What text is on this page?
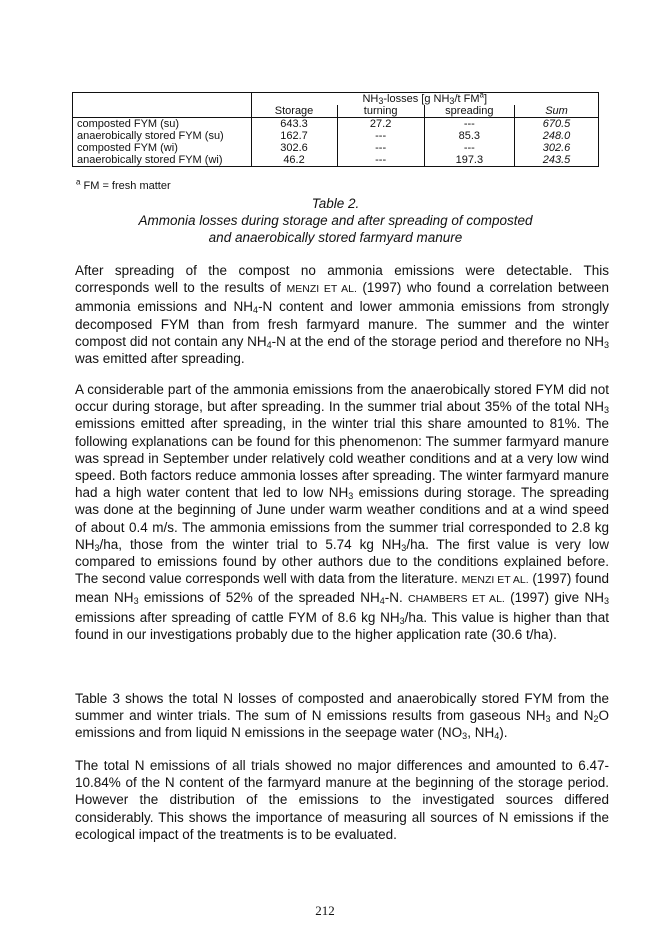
	$NH_3$-losses [g $NH_3/t$ $FM^a$]			
	Storage	turning	spreading	Sum
composted FYM (su)	643.3	27.2	---	670.5
anaerobically stored FYM (su)	162.7	---	85.3	248.0
composted FYM (wi)	302.6	---	---	302.6
anaerobically stored FYM (wi)	46.2	---	197.3	243.5
$^a$ FM = fresh matter
Table 2.
Ammonia losses during storage and after spreading of composted
and anaerobically stored farmyard manure

After spreading of the compost no ammonia emissions were detectable. This corresponds well to the results of MENZI ET AL. (1997) who found a correlation between ammonia emissions and $NH_4-N$ content and lower ammonia emissions from strongly decomposed FYM than from fresh farmyard manure. The summer and the winter compost did not contain any $NH_4-N$ at the end of the storage period and therefore no $NH_3$ was emitted after spreading.

A considerable part of the ammonia emissions from the anaerobically stored FYM did not occur during storage, but after spreading. In the summer trial about 35% of the total $NH_3$ emissions emitted after spreading, in the winter trial this share amounted to 81%. The following explanations can be found for this phenomenon: The summer farmyard manure was spread in September under relatively cold weather conditions and at a very low wind speed. Both factors reduce ammonia losses after spreading. The winter farmyard manure had a high water content that led to low $NH_3$ emissions during storage. The spreading was done at the beginning of June under warm weather conditions and at a wind speed of about 0.4 m/s. The ammonia emissions from the summer trial corresponded to 2.8 kg $NH_3/ha$, those from the winter trial to 5.74 kg $NH_3/ha$. The first value is very low compared to emissions found by other authors due to the conditions explained before. The second value corresponds well with data from the literature. MENZI ET AL. (1997) found mean $NH_3$ emissions of 52% of the spreaded $NH_4-N$. CHAMBERS ET AL. (1997) give $NH_3$ emissions after spreading of cattle FYM of 8.6 kg $NH_3/ha$. This value is higher than that found in our investigations probably due to the higher application rate (30.6 t/ha).

Table 3 shows the total N losses of composted and anaerobically stored FYM from the summer and winter trials. The sum of N emissions results from gaseous $NH_3$ and $N_2O$ emissions and from liquid N emissions in the seepage water ($NO_3$, $NH_4$).

The total N emissions of all trials showed no major differences and amounted to 6.47-10.84% of the N content of the farmyard manure at the beginning of the storage period. However the distribution of the emissions to the investigated sources differed considerably. This shows the importance of measuring all sources of N emissions if the ecological impact of the treatments is to be evaluated.

212
